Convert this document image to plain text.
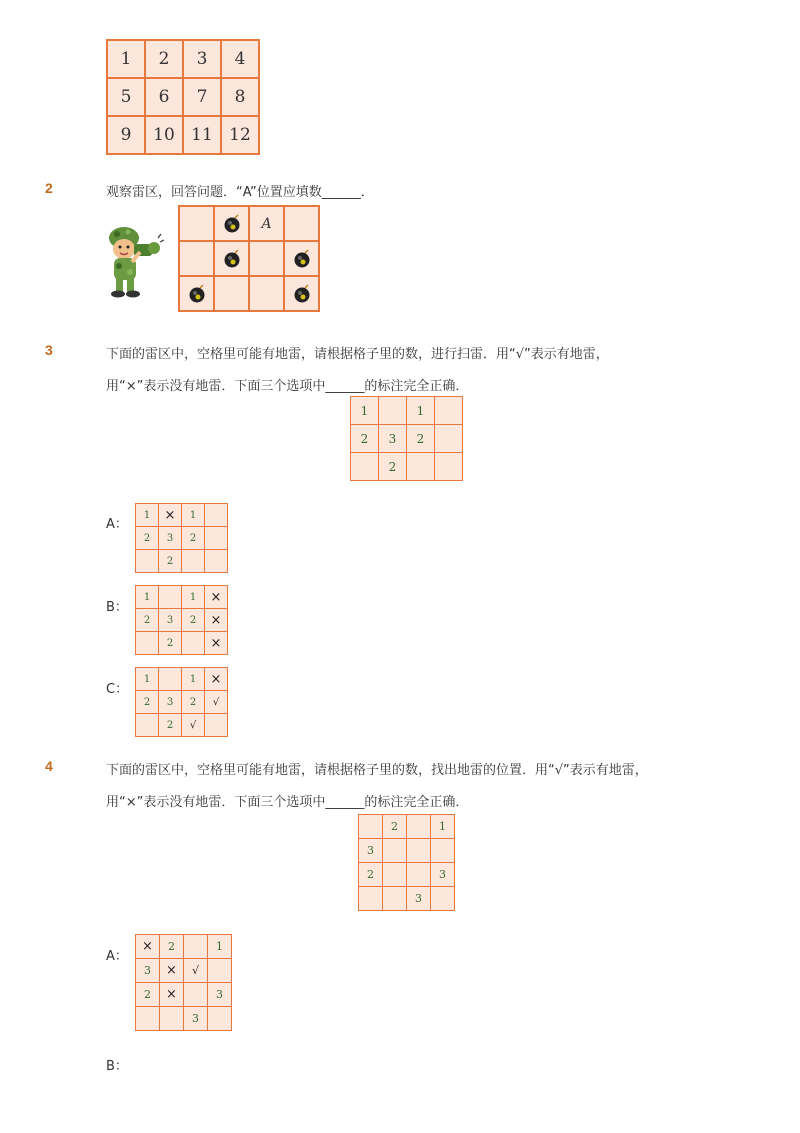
1	2	3	4
5	6	7	8
9	10	11	12
2	观察雷区，回答问题．“A”位置应填数______．
		A	

3	下面的雷区中，空格里可能有地雷，请根据格子里的数，进行扫雷．用“√”表示有地雷，
用“×”表示没有地雷．下面三个选项中______的标注完全正确．
1		1	
2	3	2	
	2		
A：
1	×	1	
2	3	2	
	2		
B：
1		1	×
2	3	2	×
	2		×
C：
1		1	×
2	3	2	√
	2	√	
4	下面的雷区中，空格里可能有地雷，请根据格子里的数，找出地雷的位置．用“√”表示有地雷，
用“×”表示没有地雷．下面三个选项中______的标注完全正确．
	2		1
3			
2			3
		3	
A：
×	2		1
3	×	√	
2	×		3
		3	
B：
